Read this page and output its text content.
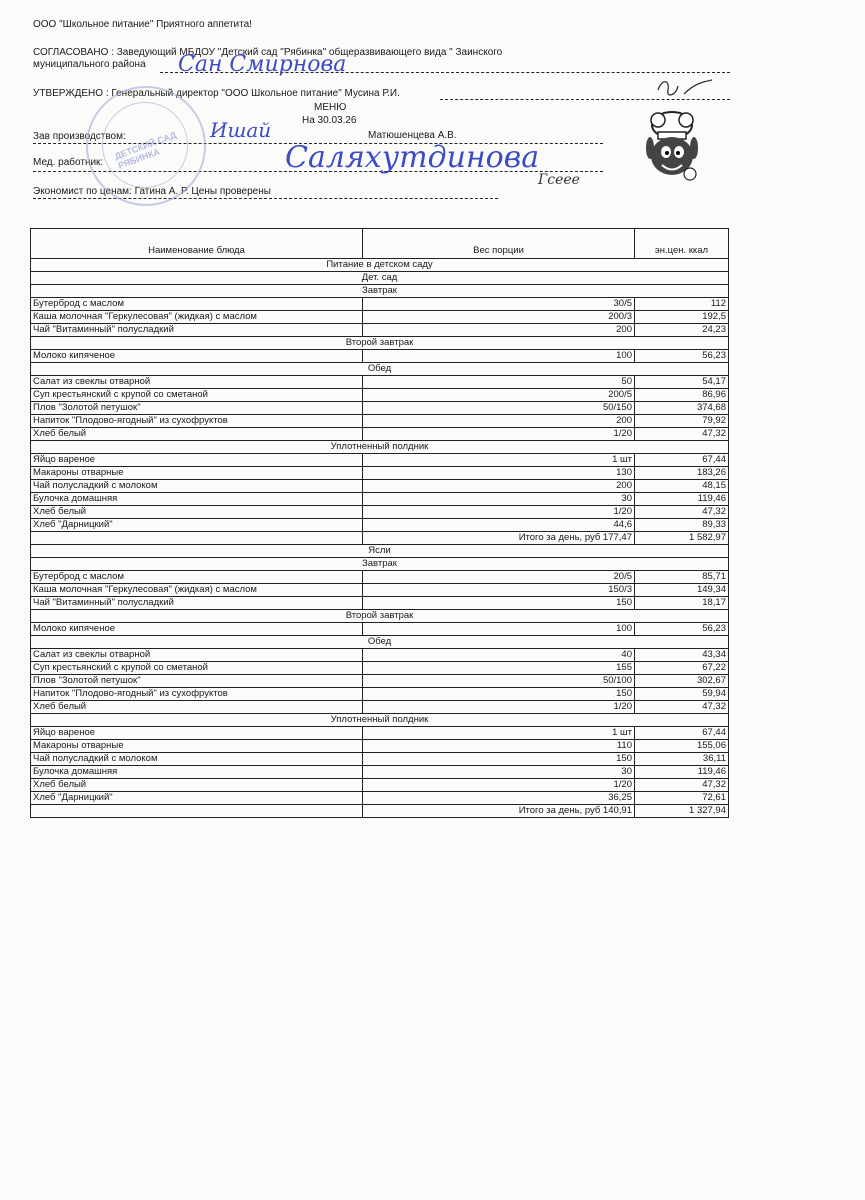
ООО "Школьное питание" Приятного аппетита!
СОГЛАСОВАНО : Заведующий МБДОУ "Детский сад "Рябинка" общеразвивающего вида " Заинского
муниципального района
УТВЕРЖДЕНО : Генеральный директор "ООО Школьное питание" Мусина Р.И.
МЕНЮ
На 30.03.26
Зав производством:	Матюшенцева А.В.
Мед. работник:
Экономист по ценам: Гатина А. Р. Цены проверены
ДЕТСКИЙ САД РЯБИНКА
Сан Смирнова
Ишай
Саляхутдинова
Гсeee
Наименование блюда	Вес порции	эн.цен. ккал
Питание в детском саду		
Дет. сад		
Завтрак		
Бутерброд с маслом	30/5	112
Каша молочная "Геркулесовая" (жидкая) с маслом	200/3	192,5
Чай "Витаминный" полусладкий	200	24,23
Второй завтрак		
Молоко кипяченое	100	56,23
Обед		
Салат из свеклы отварной	50	54,17
Суп крестьянский с крупой со сметаной	200/5	86,96
Плов "Золотой петушок"	50/150	374,68
Напиток "Плодово-ягодный" из сухофруктов	200	79,92
Хлеб белый	1/20	47,32
Уплотненный полдник		
Яйцо вареное	1 шт	67,44
Макароны отварные	130	183,26
Чай полусладкий с молоком	200	48,15
Булочка домашняя	30	119,46
Хлеб белый	1/20	47,32
Хлеб "Дарницкий"	44,6	89,33
	Итого за день, руб 177,47	1 582,97
Ясли		
Завтрак		
Бутерброд с маслом	20/5	85,71
Каша молочная "Геркулесовая" (жидкая) с маслом	150/3	149,34
Чай "Витаминный" полусладкий	150	18,17
Второй завтрак		
Молоко кипяченое	100	56,23
Обед		
Салат из свеклы отварной	40	43,34
Суп крестьянский с крупой со сметаной	155	67,22
Плов "Золотой петушок"	50/100	302,67
Напиток "Плодово-ягодный" из сухофруктов	150	59,94
Хлеб белый	1/20	47,32
Уплотненный полдник		
Яйцо вареное	1 шт	67,44
Макароны отварные	110	155,06
Чай полусладкий с молоком	150	36,11
Булочка домашняя	30	119,46
Хлеб белый	1/20	47,32
Хлеб "Дарницкий"	36,25	72,61
	Итого за день, руб 140,91	1 327,94
